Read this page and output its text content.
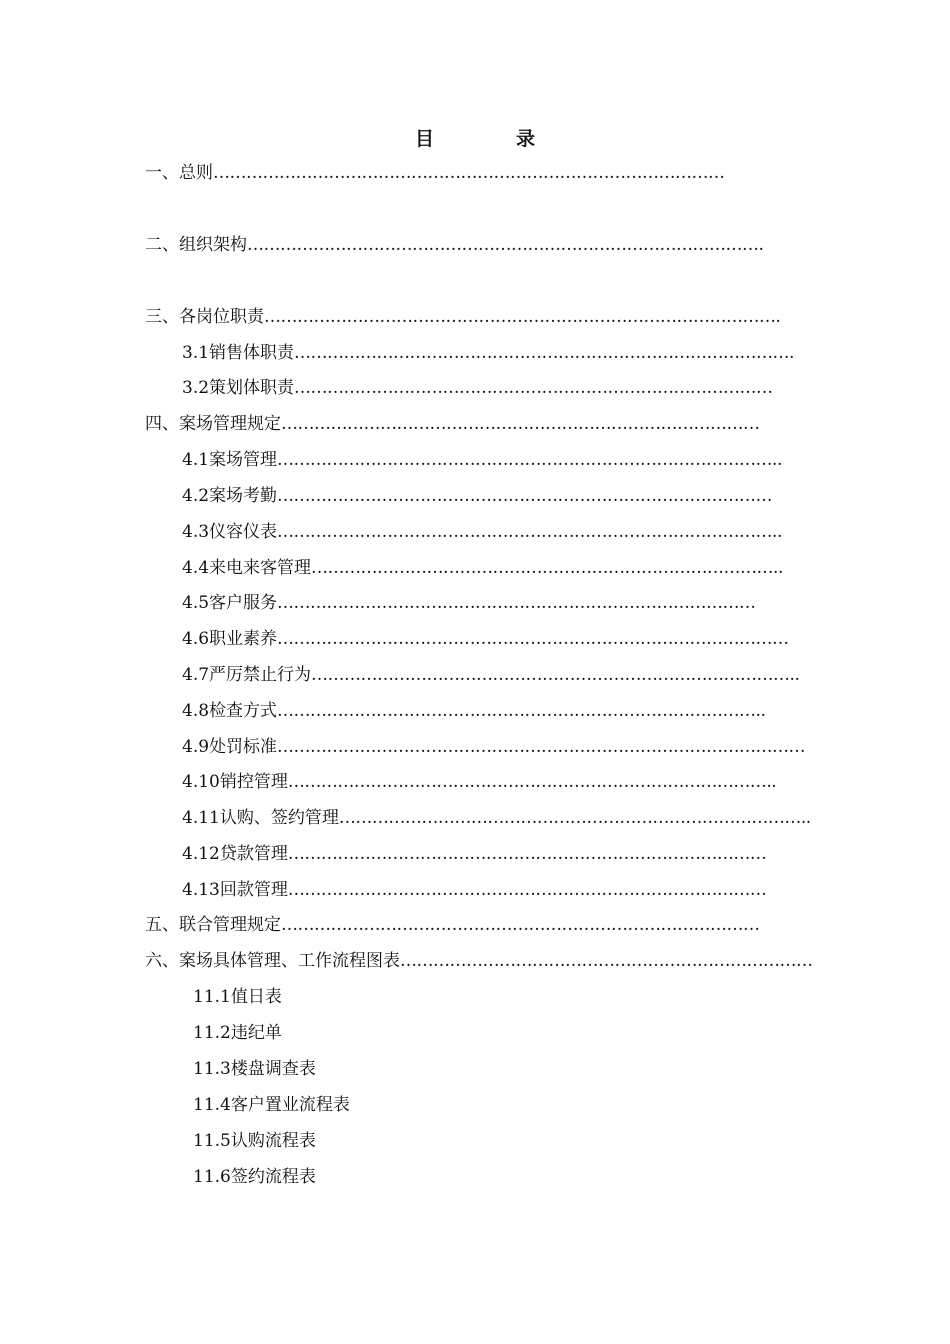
目	录
一、总则…………………………………………………………………………………
二、组织架构………………………………………………………………………………….
三、各岗位职责………………………………………………………………………………….
3.1销售体职责……………………………………………………………………………….
3.2策划体职责……………………………………………………………………………
四、案场管理规定……………………………………………………………………………
4.1案场管理………………………………………………………………………………..
4.2案场考勤………………………………………………………………………………
4.3仪容仪表………………………………………………………………………………..
4.4来电来客管理…………………………………………………………………………..
4.5客户服务……………………………………………………………………………
4.6职业素养…………………………………………………………………………………
4.7严厉禁止行为……………………………………………………………………………..
4.8检查方式……………………………………………………………………………..
4.9处罚标准……………………………………………………………………………………
4.10销控管理……………………………………………………………………………..
4.11认购、签约管理…………………………………………………………………………..
4.12贷款管理……………………………………………………………………………
4.13回款管理……………………………………………………………………………
五、联合管理规定……………………………………………………………………………
六、案场具体管理、工作流程图表…………………………………………………………………
11.1值日表
11.2违纪单
11.3楼盘调查表
11.4客户置业流程表
11.5认购流程表
11.6签约流程表
